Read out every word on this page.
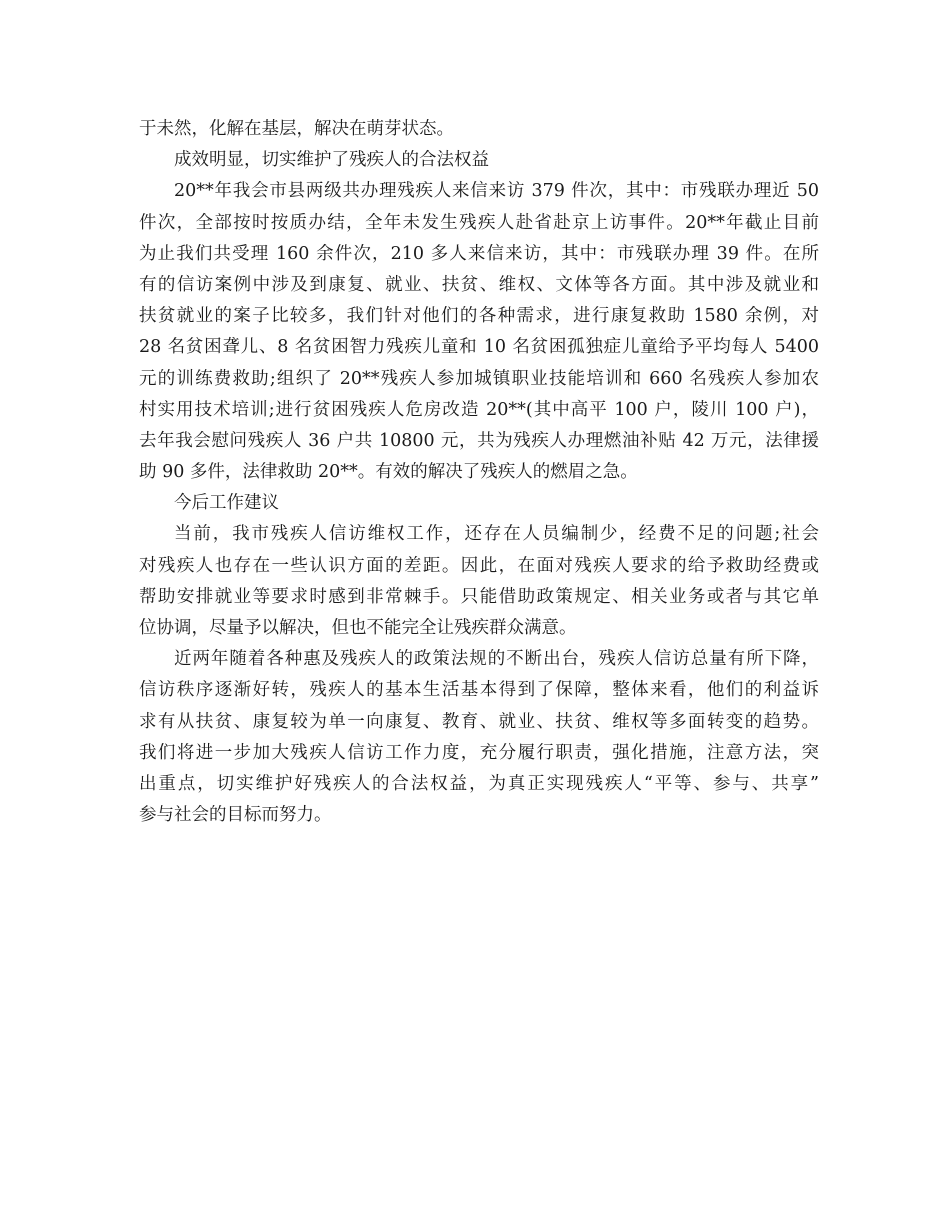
于未然，化解在基层，解决在萌芽状态。
成效明显，切实维护了残疾人的合法权益
20**年我会市县两级共办理残疾人来信来访 379 件次，其中：市残联办理近 50
件次，全部按时按质办结，全年未发生残疾人赴省赴京上访事件。20**年截止目前
为止我们共受理 160 余件次，210 多人来信来访，其中：市残联办理 39 件。在所
有的信访案例中涉及到康复、就业、扶贫、维权、文体等各方面。其中涉及就业和
扶贫就业的案子比较多，我们针对他们的各种需求，进行康复救助 1580 余例，对
28 名贫困聋儿、8 名贫困智力残疾儿童和 10 名贫困孤独症儿童给予平均每人 5400
元的训练费救助;组织了 20**残疾人参加城镇职业技能培训和 660 名残疾人参加农
村实用技术培训;进行贫困残疾人危房改造 20**(其中高平 100 户，陵川 100 户)，
去年我会慰问残疾人 36 户共 10800 元，共为残疾人办理燃油补贴 42 万元，法律援
助 90 多件，法律救助 20**。有效的解决了残疾人的燃眉之急。
今后工作建议
当前，我市残疾人信访维权工作，还存在人员编制少，经费不足的问题;社会
对残疾人也存在一些认识方面的差距。因此，在面对残疾人要求的给予救助经费或
帮助安排就业等要求时感到非常棘手。只能借助政策规定、相关业务或者与其它单
位协调，尽量予以解决，但也不能完全让残疾群众满意。
近两年随着各种惠及残疾人的政策法规的不断出台，残疾人信访总量有所下降，
信访秩序逐渐好转，残疾人的基本生活基本得到了保障，整体来看，他们的利益诉
求有从扶贫、康复较为单一向康复、教育、就业、扶贫、维权等多面转变的趋势。
我们将进一步加大残疾人信访工作力度，充分履行职责，强化措施，注意方法，突
出重点，切实维护好残疾人的合法权益，为真正实现残疾人“平等、参与、共享”
参与社会的目标而努力。
